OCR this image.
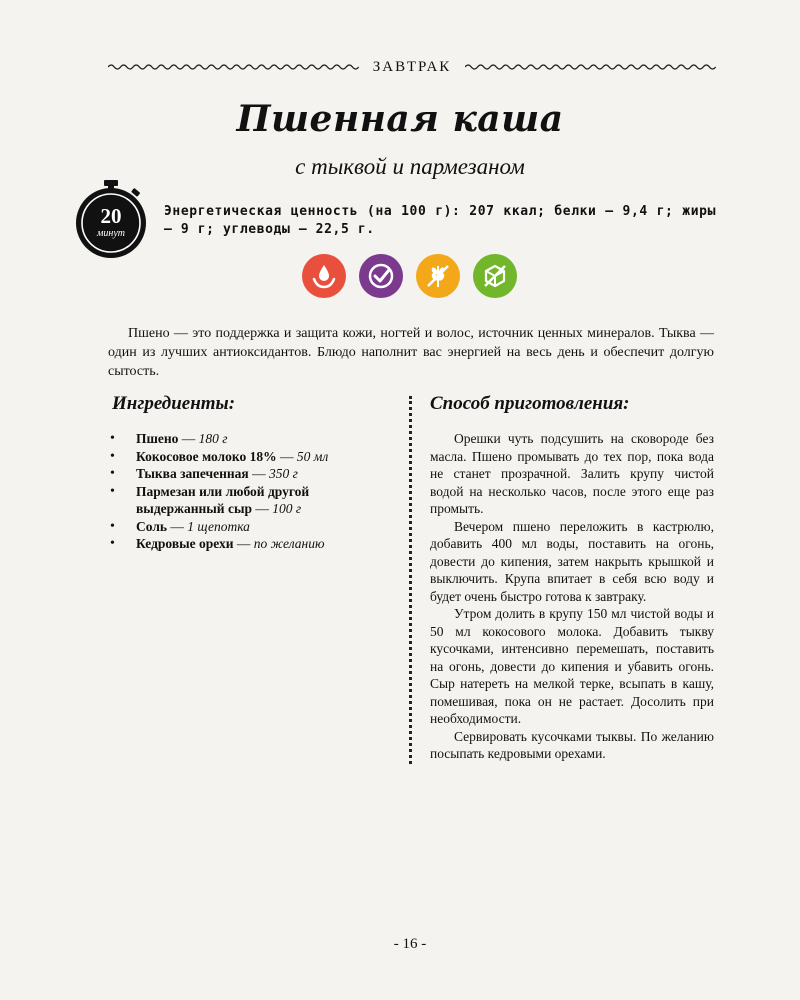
ЗАВТРАК
Пшенная каша
с тыквой и пармезаном
20
минут
Энергетическая ценность (на 100 г): 207 ккал; белки — 9,4 г; жиры — 9 г; углеводы — 22,5 г.
Пшено — это поддержка и защита кожи, ногтей и волос, источник ценных минералов. Тыква — один из лучших антиоксидантов. Блюдо наполнит вас энергией на весь день и обеспечит долгую сытость.
Ингредиенты:	Способ приготовления:
• Пшено — 180 г
• Кокосовое молоко 18% — 50 мл
• Тыква запеченная — 350 г
• Пармезан или любой другой выдержанный сыр — 100 г
• Соль — 1 щепотка
• Кедровые орехи — по желанию

Орешки чуть подсушить на сковороде без масла. Пшено промывать до тех пор, пока вода не станет прозрачной. Залить крупу чистой водой на несколько часов, после этого еще раз промыть.

Вечером пшено переложить в кастрюлю, добавить 400 мл воды, поставить на огонь, довести до кипения, затем накрыть крышкой и выключить. Крупа впитает в себя всю воду и будет очень быстро готова к завтраку.

Утром долить в крупу 150 мл чистой воды и 50 мл кокосового молока. Добавить тыкву кусочками, интенсивно перемешать, поставить на огонь, довести до кипения и убавить огонь. Сыр натереть на мелкой терке, всыпать в кашу, помешивая, пока он не растает. Досолить при необходимости.

Сервировать кусочками тыквы. По желанию посыпать кедровыми орехами.

- 16 -
